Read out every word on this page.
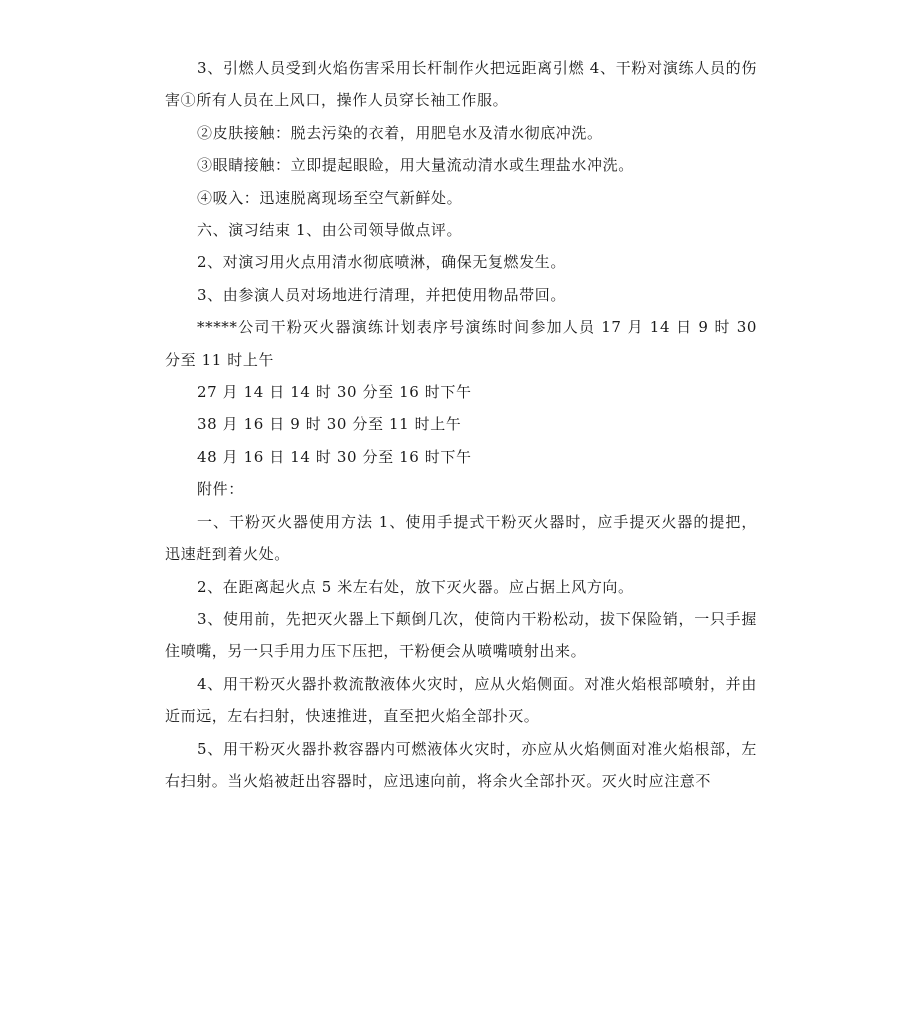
3、引燃人员受到火焰伤害采用长杆制作火把远距离引燃 4、干粉对演练人员的伤害①所有人员在上风口，操作人员穿长袖工作服。

②皮肤接触：脱去污染的衣着，用肥皂水及清水彻底冲洗。

③眼睛接触：立即提起眼睑，用大量流动清水或生理盐水冲洗。

④吸入：迅速脱离现场至空气新鲜处。

六、演习结束 1、由公司领导做点评。

2、对演习用火点用清水彻底喷淋，确保无复燃发生。

3、由参演人员对场地进行清理，并把使用物品带回。

*****公司干粉灭火器演练计划表序号演练时间参加人员 17 月 14 日 9 时 30 分至 11 时上午

27 月 14 日 14 时 30 分至 16 时下午

38 月 16 日 9 时 30 分至 11 时上午

48 月 16 日 14 时 30 分至 16 时下午

附件：

一、干粉灭火器使用方法 1、使用手提式干粉灭火器时，应手提灭火器的提把，迅速赶到着火处。

2、在距离起火点 5 米左右处，放下灭火器。应占据上风方向。

3、使用前，先把灭火器上下颠倒几次，使筒内干粉松动，拔下保险销，一只手握住喷嘴，另一只手用力压下压把，干粉便会从喷嘴喷射出来。

4、用干粉灭火器扑救流散液体火灾时，应从火焰侧面。对准火焰根部喷射，并由近而远，左右扫射，快速推进，直至把火焰全部扑灭。

5、用干粉灭火器扑救容器内可燃液体火灾时，亦应从火焰侧面对准火焰根部，左右扫射。当火焰被赶出容器时，应迅速向前，将余火全部扑灭。灭火时应注意不
